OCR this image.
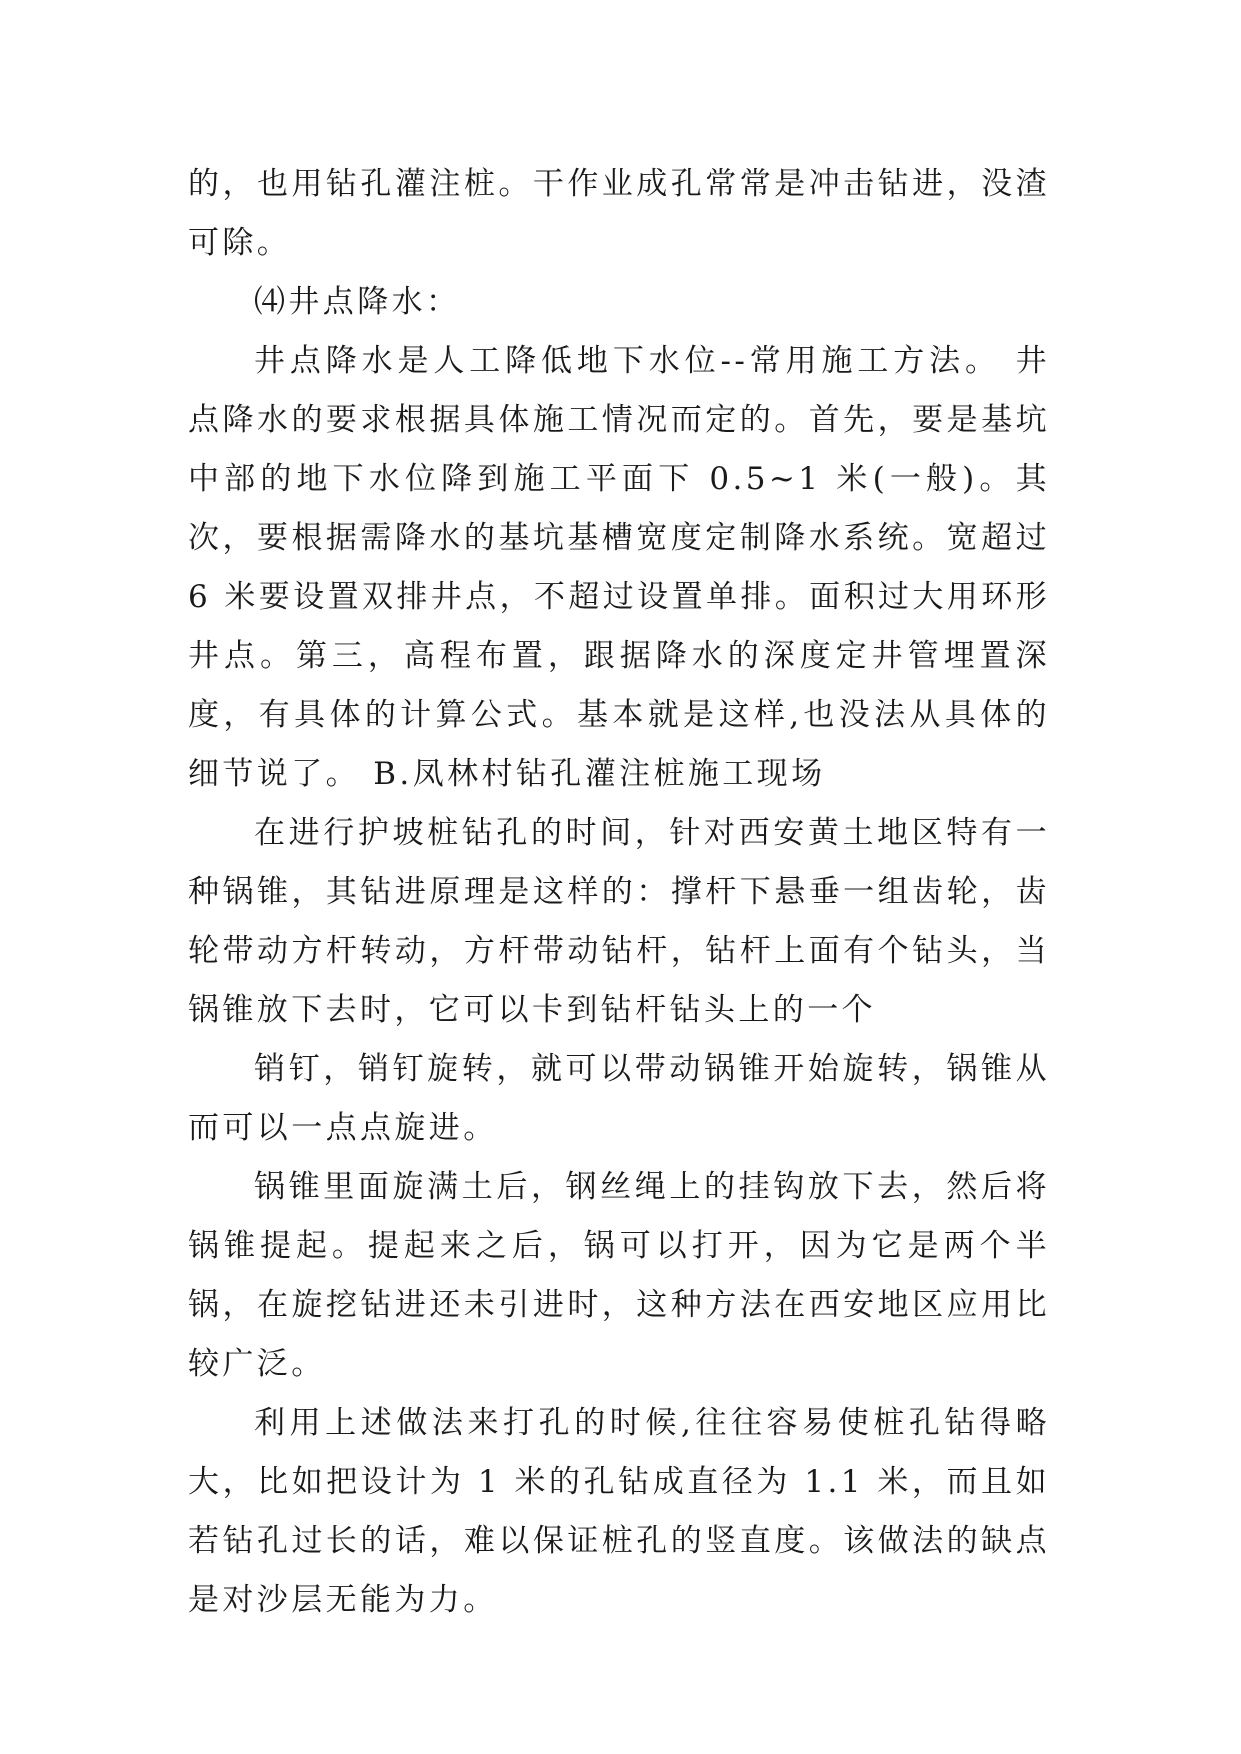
的，也用钻孔灌注桩。干作业成孔常常是冲击钻进，没渣可除。

⑷井点降水：

井点降水是人工降低地下水位--常用施工方法。 井点降水的要求根据具体施工情况而定的。首先，要是基坑中部的地下水位降到施工平面下 0.5~1 米(一般)。其次，要根据需降水的基坑基槽宽度定制降水系统。宽超过 6 米要设置双排井点，不超过设置单排。面积过大用环形井点。第三，高程布置，跟据降水的深度定井管埋置深度，有具体的计算公式。基本就是这样,也没法从具体的细节说了。 B.凤林村钻孔灌注桩施工现场

在进行护坡桩钻孔的时间，针对西安黄土地区特有一种锅锥，其钻进原理是这样的：撑杆下悬垂一组齿轮，齿轮带动方杆转动，方杆带动钻杆，钻杆上面有个钻头，当锅锥放下去时，它可以卡到钻杆钻头上的一个

销钉，销钉旋转，就可以带动锅锥开始旋转，锅锥从而可以一点点旋进。

锅锥里面旋满土后，钢丝绳上的挂钩放下去，然后将锅锥提起。提起来之后，锅可以打开，因为它是两个半锅，在旋挖钻进还未引进时，这种方法在西安地区应用比较广泛。

利用上述做法来打孔的时候,往往容易使桩孔钻得略大，比如把设计为 1 米的孔钻成直径为 1.1 米，而且如若钻孔过长的话，难以保证桩孔的竖直度。该做法的缺点是对沙层无能为力。
